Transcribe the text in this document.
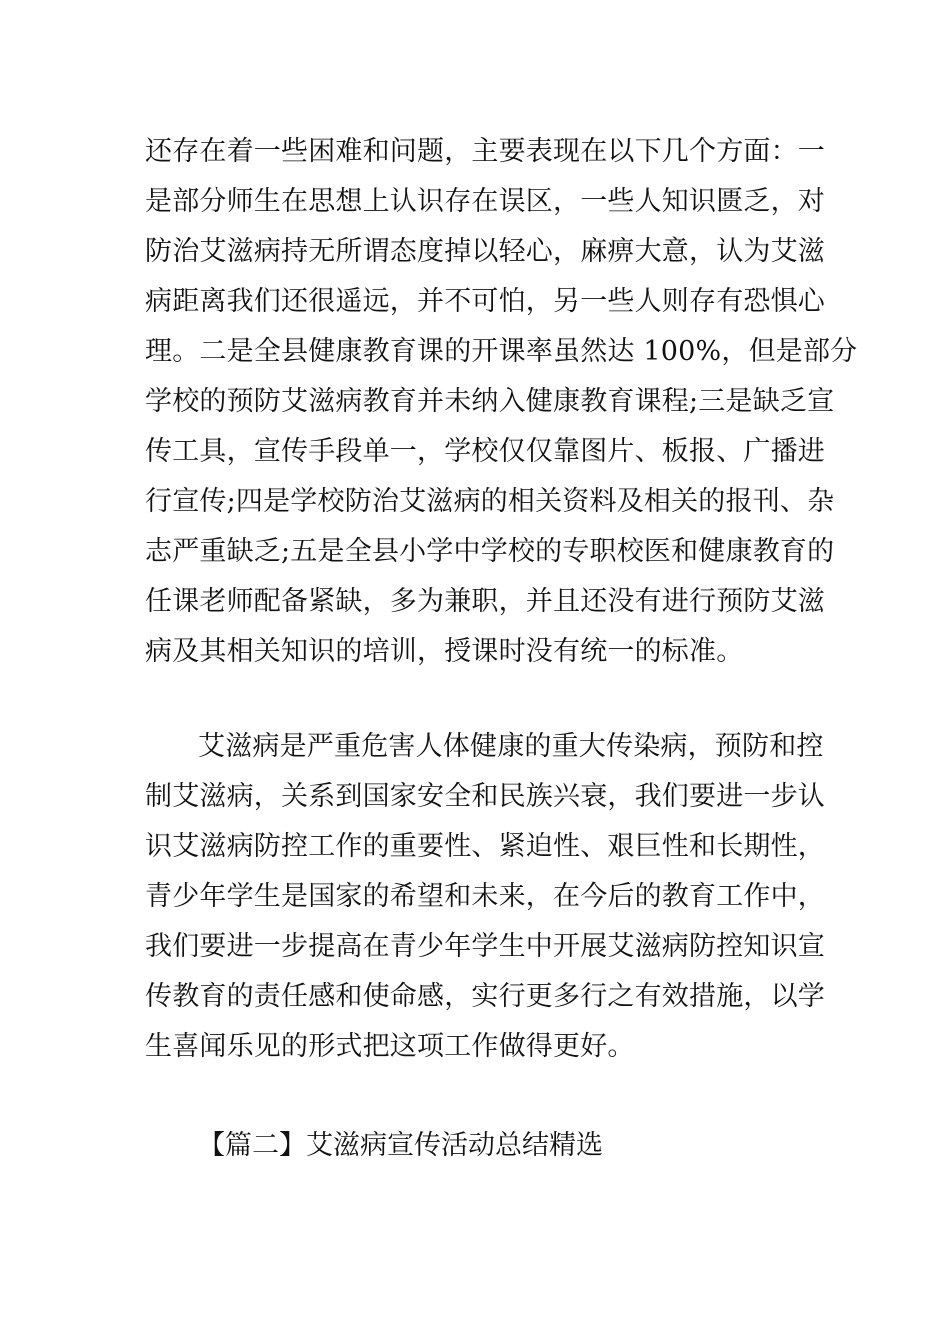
还存在着一些困难和问题，主要表现在以下几个方面：一
是部分师生在思想上认识存在误区，一些人知识匮乏，对
防治艾滋病持无所谓态度掉以轻心，麻痹大意，认为艾滋
病距离我们还很遥远，并不可怕，另一些人则存有恐惧心
理。二是全县健康教育课的开课率虽然达 100%，但是部分
学校的预防艾滋病教育并未纳入健康教育课程;三是缺乏宣
传工具，宣传手段单一，学校仅仅靠图片、板报、广播进
行宣传;四是学校防治艾滋病的相关资料及相关的报刊、杂
志严重缺乏;五是全县小学中学校的专职校医和健康教育的
任课老师配备紧缺，多为兼职，并且还没有进行预防艾滋
病及其相关知识的培训，授课时没有统一的标准。
艾滋病是严重危害人体健康的重大传染病，预防和控
制艾滋病，关系到国家安全和民族兴衰，我们要进一步认
识艾滋病防控工作的重要性、紧迫性、艰巨性和长期性，
青少年学生是国家的希望和未来，在今后的教育工作中，
我们要进一步提高在青少年学生中开展艾滋病防控知识宣
传教育的责任感和使命感，实行更多行之有效措施，以学
生喜闻乐见的形式把这项工作做得更好。
【篇二】艾滋病宣传活动总结精选
